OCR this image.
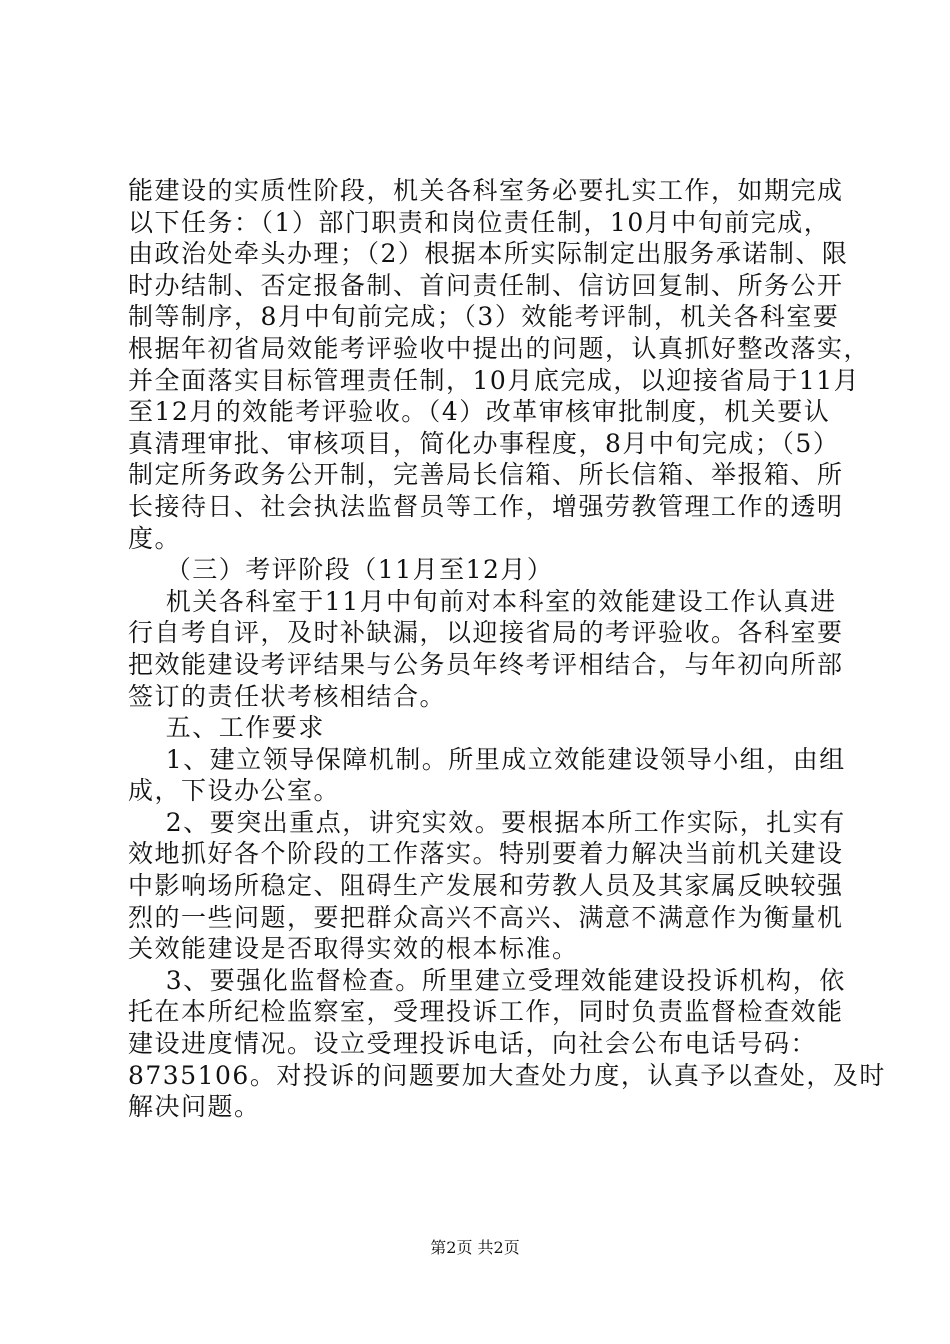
能建设的实质性阶段，机关各科室务必要扎实工作，如期完成
以下任务：（1）部门职责和岗位责任制，10月中旬前完成，
由政治处牵头办理；（2）根据本所实际制定出服务承诺制、限
时办结制、否定报备制、首问责任制、信访回复制、所务公开
制等制序，8月中旬前完成；（3）效能考评制，机关各科室要
根据年初省局效能考评验收中提出的问题，认真抓好整改落实，
并全面落实目标管理责任制，10月底完成，以迎接省局于11月
至12月的效能考评验收。（4）改革审核审批制度，机关要认
真清理审批、审核项目，简化办事程度，8月中旬完成；（5）
制定所务政务公开制，完善局长信箱、所长信箱、举报箱、所
长接待日、社会执法监督员等工作，增强劳教管理工作的透明
度。
（三）考评阶段（11月至12月）
机关各科室于11月中旬前对本科室的效能建设工作认真进
行自考自评，及时补缺漏，以迎接省局的考评验收。各科室要
把效能建设考评结果与公务员年终考评相结合，与年初向所部
签订的责任状考核相结合。
五、工作要求
1、建立领导保障机制。所里成立效能建设领导小组，由组
成，下设办公室。
2、要突出重点，讲究实效。要根据本所工作实际，扎实有
效地抓好各个阶段的工作落实。特别要着力解决当前机关建设
中影响场所稳定、阻碍生产发展和劳教人员及其家属反映较强
烈的一些问题，要把群众高兴不高兴、满意不满意作为衡量机
关效能建设是否取得实效的根本标准。
3、要强化监督检查。所里建立受理效能建设投诉机构，依
托在本所纪检监察室，受理投诉工作，同时负责监督检查效能
建设进度情况。设立受理投诉电话，向社会公布电话号码：
8735106。对投诉的问题要加大查处力度，认真予以查处，及时
解决问题。
第2页 共2页
